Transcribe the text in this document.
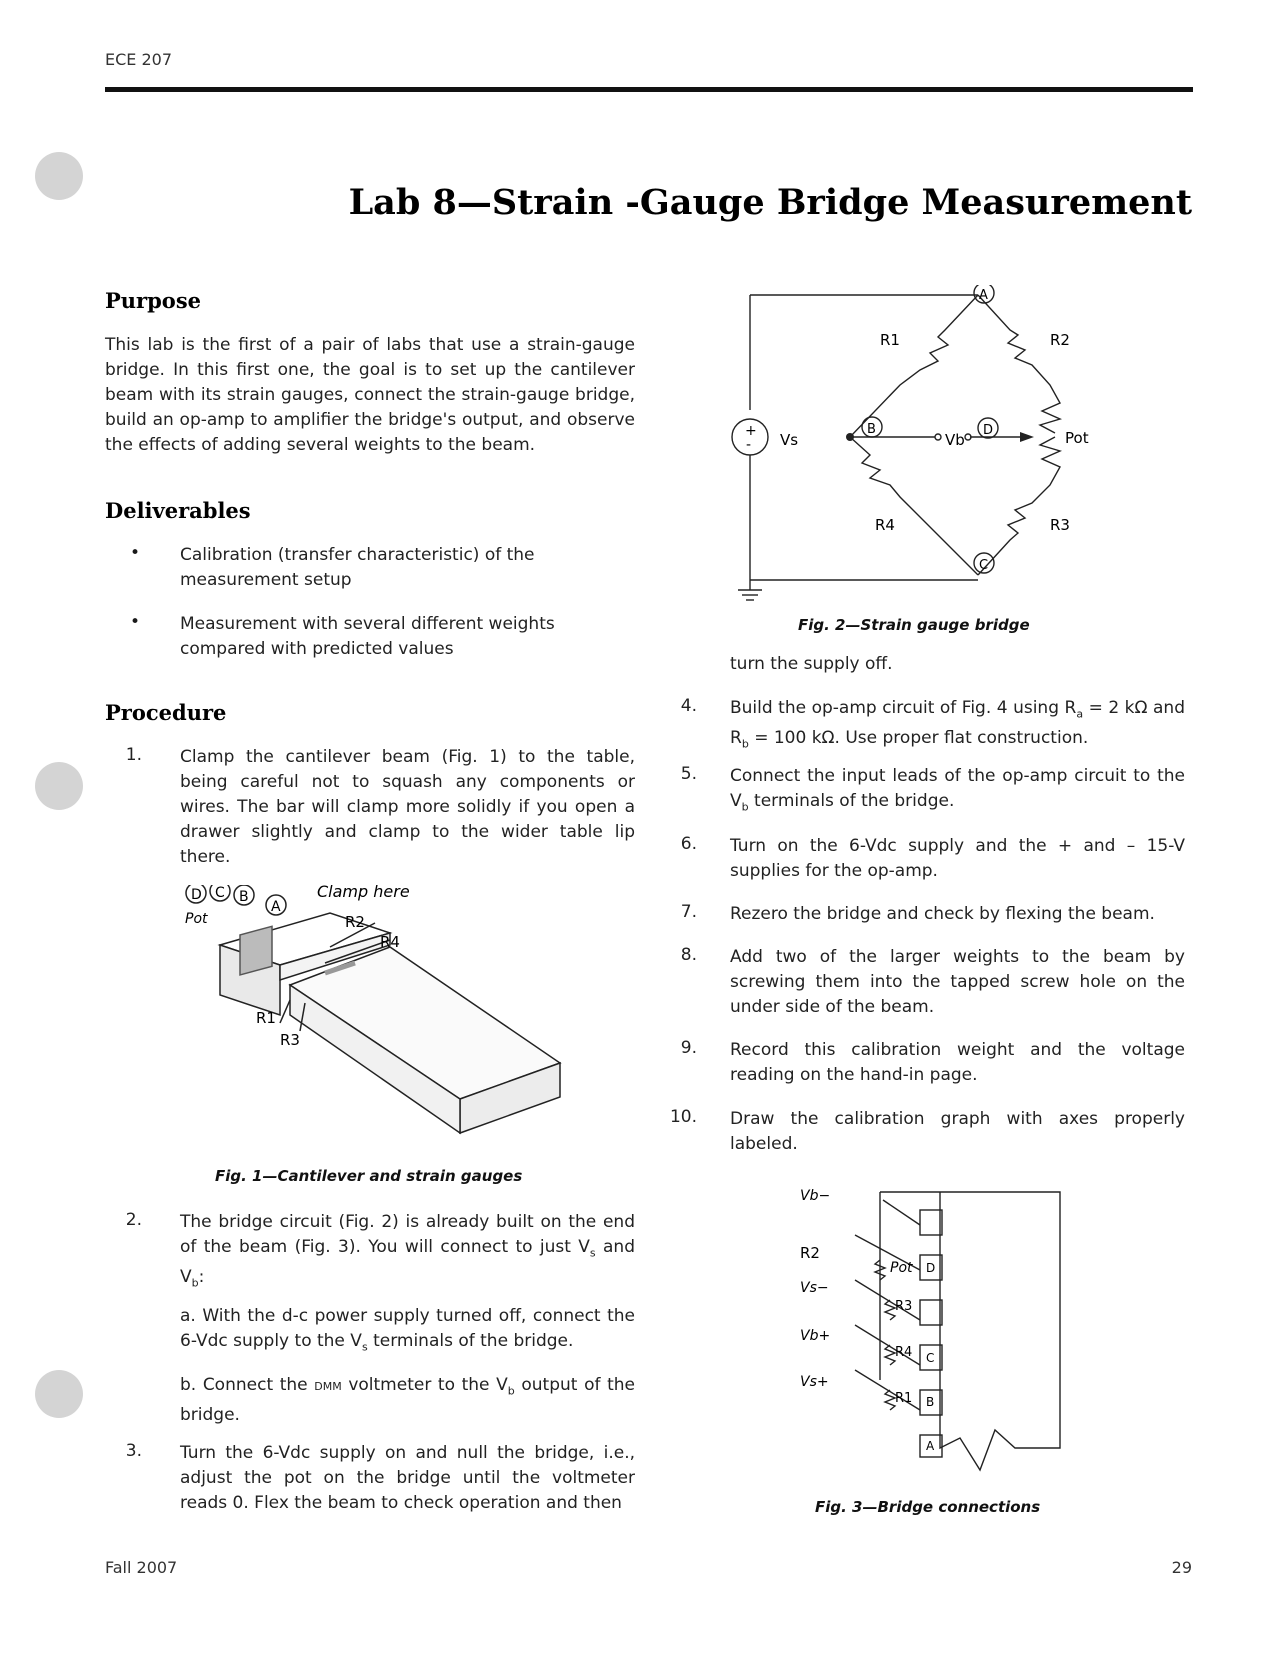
ECE 207
Lab 8—Strain -Gauge Bridge Measurement
Purpose
This lab is the first of a pair of labs that use a strain-gauge bridge. In this first one, the goal is to set up the cantilever beam with its strain gauges, connect the strain-gauge bridge, build an op-amp to amplifier the bridge's output, and observe the effects of adding several weights to the beam.
Deliverables
• Calibration (transfer characteristic) of the measurement setup
• Measurement with several different weights compared with predicted values
Procedure
1. Clamp the cantilever beam (Fig. 1) to the table, being careful not to squash any components or wires. The bar will clamp more solidly if you open a drawer slightly and clamp to the wider table lip there.
D C B
A
Pot
Clamp here
R2
R4
R1
R3
Fig. 1—Cantilever and strain gauges
2. The bridge circuit (Fig. 2) is already built on the end of the beam (Fig. 3). You will connect to just $V_s$ and $V_b$:
a. With the d-c power supply turned off, connect the 6-Vdc supply to the $V_s$ terminals of the bridge.
b. Connect the DMM voltmeter to the $V_b$ output of the bridge.
3. Turn the 6-Vdc supply on and null the bridge, i.e., adjust the pot on the bridge until the voltmeter reads 0. Flex the beam to check operation and then
A
B
C
D
R1	R2
R3
R4
Vs	Vb	Pot
+
-
Fig. 2—Strain gauge bridge
turn the supply off.
4. Build the op-amp circuit of Fig. 4 using $R_a = 2$ kΩ and $R_b = 100$ kΩ. Use proper flat construction.
5. Connect the input leads of the op-amp circuit to the $V_b$ terminals of the bridge.
6. Turn on the 6-Vdc supply and the + and – 15-V supplies for the op-amp.
7. Rezero the bridge and check by flexing the beam.
8. Add two of the larger weights to the beam by screwing them into the tapped screw hole on the under side of the beam.
9. Record this calibration weight and the voltage reading on the hand-in page.
10. Draw the calibration graph with axes properly labeled.
Vb−
R2
Pot
Vs−
R3
Vb+
R4
Vs+
R1
D
C
B
A
Fig. 3—Bridge connections
Fall 2007	29
